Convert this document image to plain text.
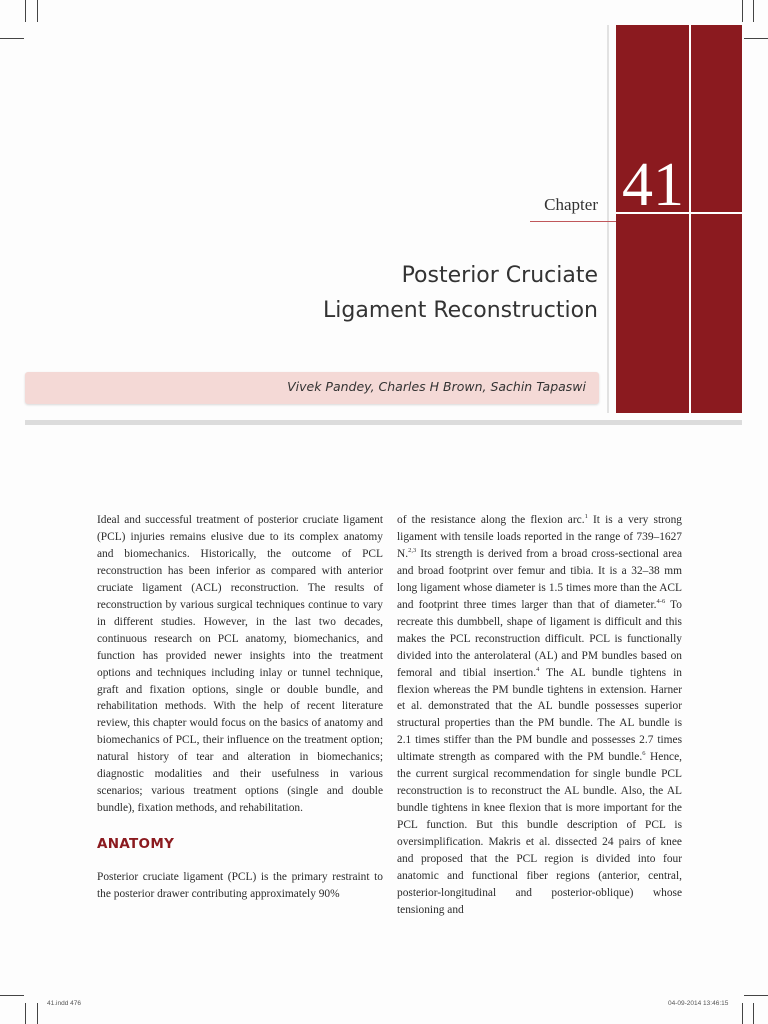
41
Chapter
Posterior Cruciate
Ligament Reconstruction
Vivek Pandey, Charles H Brown, Sachin Tapaswi

Ideal and successful treatment of posterior cruciate ligament (PCL) injuries remains elusive due to its complex anatomy and biomechanics. Historically, the outcome of PCL reconstruction has been inferior as compared with anterior cruciate ligament (ACL) reconstruction. The results of reconstruction by various surgical techniques continue to vary in different studies. However, in the last two decades, continuous research on PCL anatomy, biomechanics, and function has provided newer insights into the treatment options and techniques including inlay or tunnel technique, graft and fixation options, single or double bundle, and rehabilitation methods. With the help of recent literature review, this chapter would focus on the basics of anatomy and biomechanics of PCL, their influence on the treatment option; natural history of tear and alteration in biomechanics; diagnostic modalities and their usefulness in various scenarios; various treatment options (single and double bundle), fixation methods, and rehabilitation.

ANATOMY

Posterior cruciate ligament (PCL) is the primary restraint to the posterior drawer contributing approximately 90%

of the resistance along the flexion arc.$^1$ It is a very strong ligament with tensile loads reported in the range of 739–1627 N.$^{2,3}$ Its strength is derived from a broad cross-sectional area and broad footprint over femur and tibia. It is a 32–38 mm long ligament whose diameter is 1.5 times more than the ACL and footprint three times larger than that of diameter.$^{4-6}$ To recreate this dumbbell, shape of ligament is difficult and this makes the PCL reconstruction difficult. PCL is functionally divided into the anterolateral (AL) and PM bundles based on femoral and tibial insertion.$^4$ The AL bundle tightens in flexion whereas the PM bundle tightens in extension. Harner et al. demonstrated that the AL bundle possesses superior structural properties than the PM bundle. The AL bundle is 2.1 times stiffer than the PM bundle and possesses 2.7 times ultimate strength as compared with the PM bundle.$^6$ Hence, the current surgical recommendation for single bundle PCL reconstruction is to reconstruct the AL bundle. Also, the AL bundle tightens in knee flexion that is more important for the PCL function. But this bundle description of PCL is oversimplification. Makris et al. dissected 24 pairs of knee and proposed that the PCL region is divided into four anatomic and functional fiber regions (anterior, central, posterior-longitudinal and posterior-oblique) whose tensioning and

41.indd 476	04-09-2014 13:46:15
